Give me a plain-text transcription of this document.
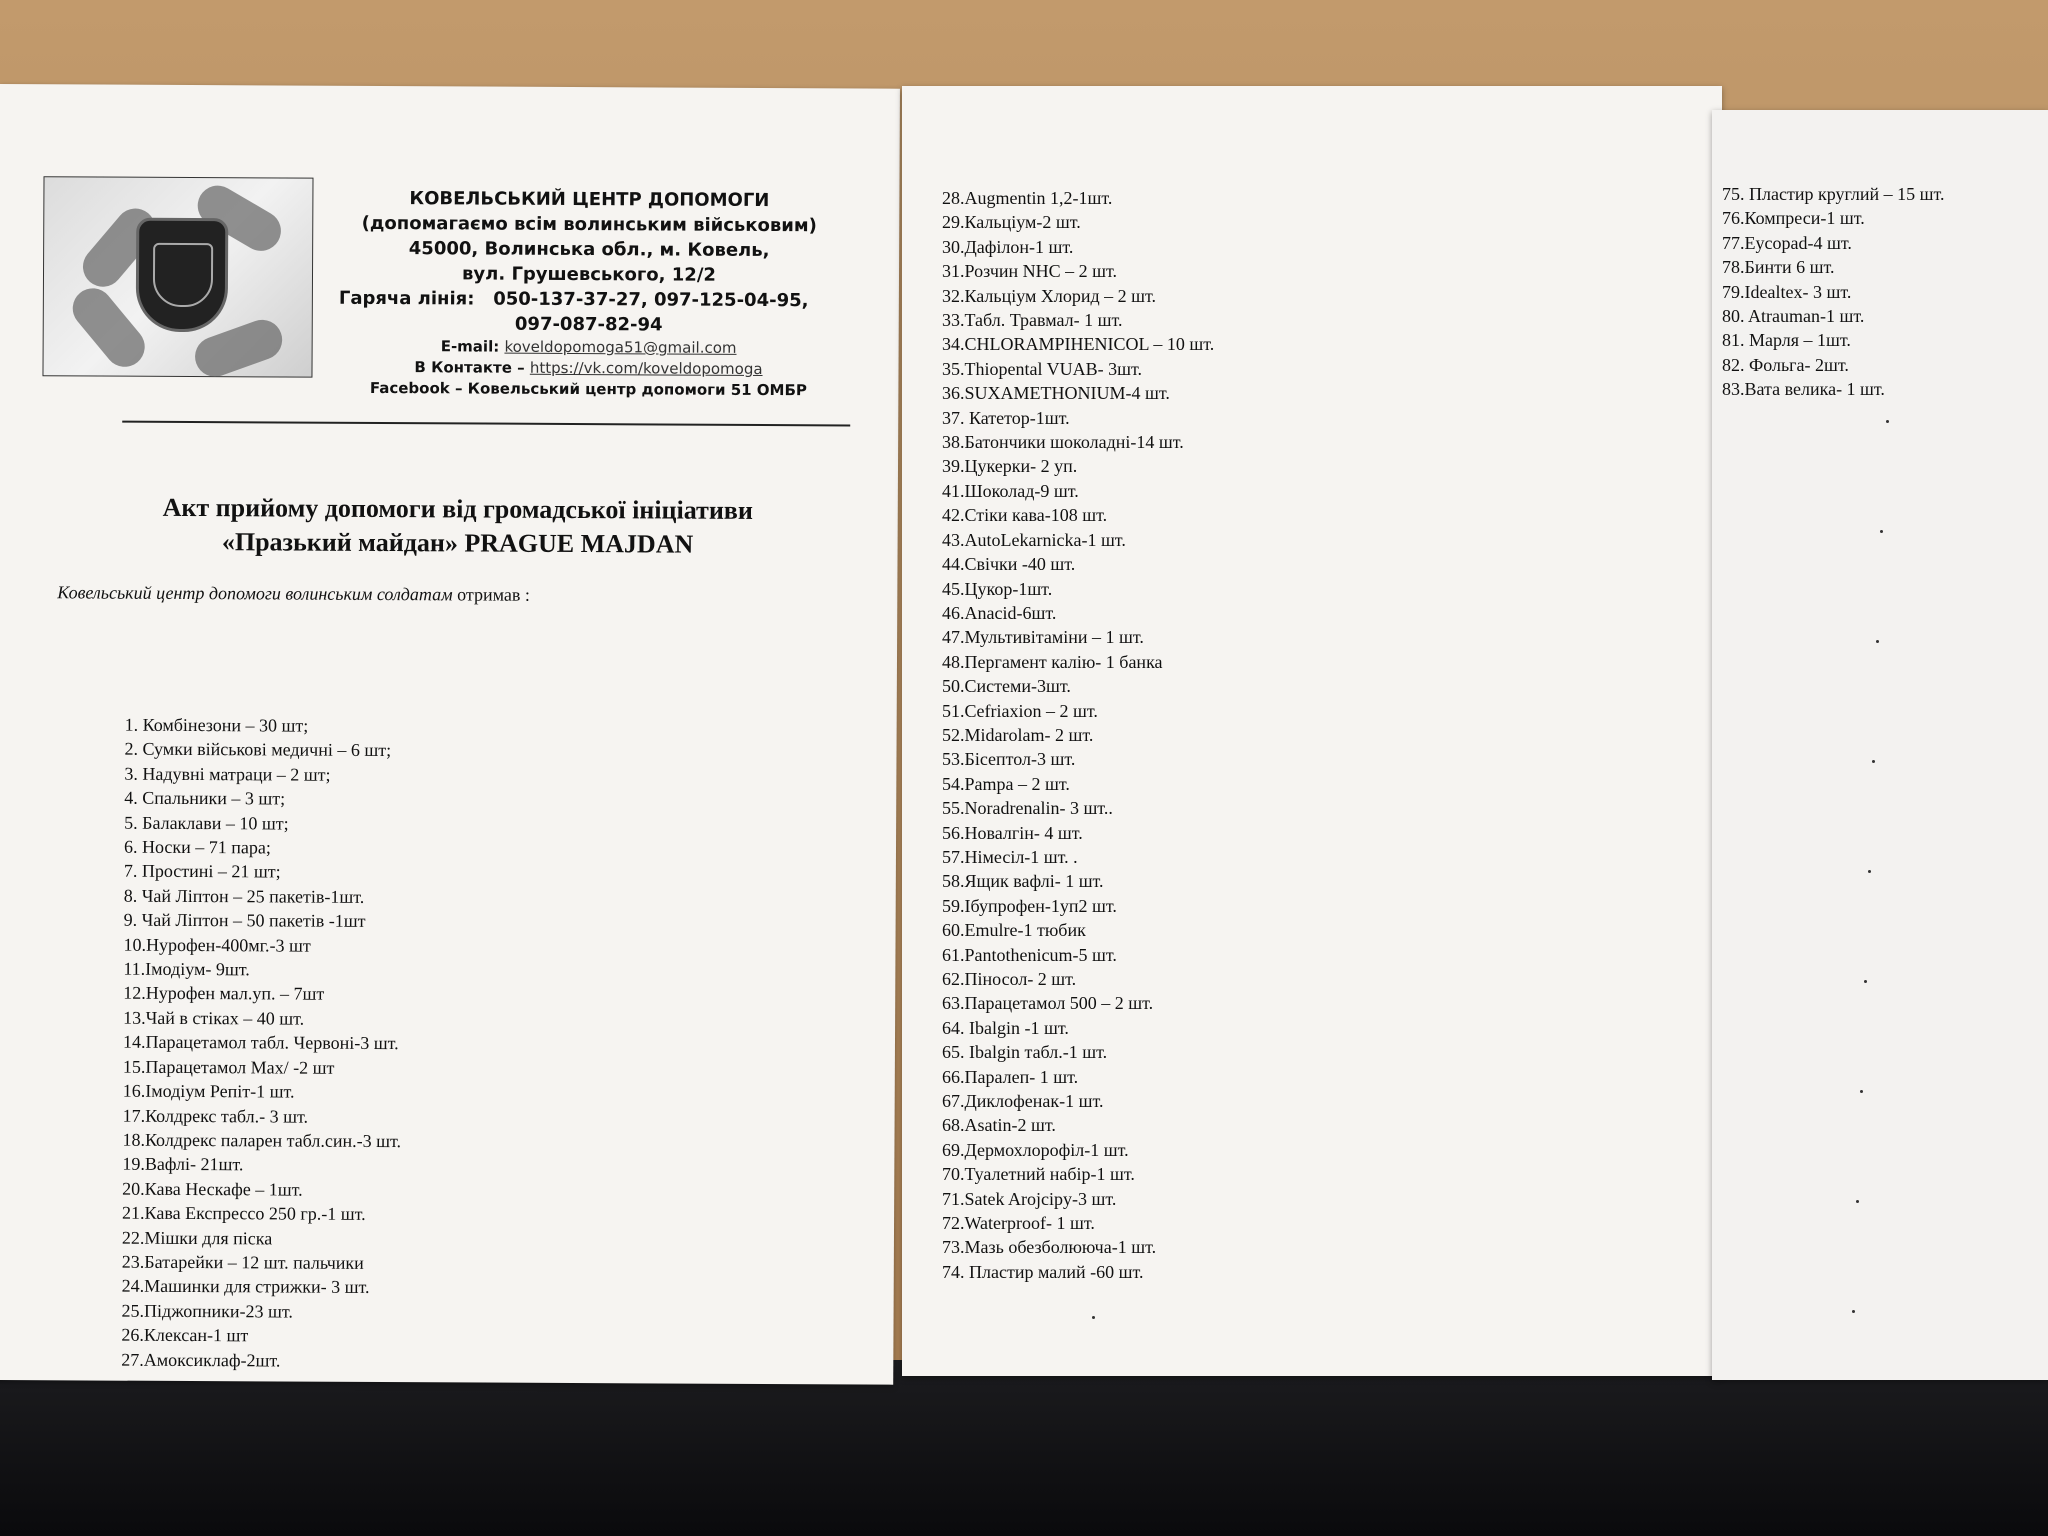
КОВЕЛЬСЬКИЙ ЦЕНТР ДОПОМОГИ
(допомагаємо всім волинським військовим)
45000, Волинська обл., м. Ковель,
вул. Грушевського, 12/2
Гаряча лінія: 050-137-37-27, 097-125-04-95,
097-087-82-94
E-mail: koveldopomoga51@gmail.com
В Контакте – https://vk.com/koveldopomoga
Facebook – Ковельський центр допомоги 51 ОМБР
Акт прийому допомоги від громадської ініціативи
«Празький майдан» PRAGUE MAJDAN
Ковельський центр допомоги волинським солдатам отримав :
1. Комбінезони – 30 шт;
2. Сумки військові медичні – 6 шт;
3. Надувні матраци – 2 шт;
4. Спальники – 3 шт;
5. Балаклави – 10 шт;
6. Носки – 71 пара;
7. Простині – 21 шт;
8. Чай Ліптон – 25 пакетів-1шт.
9. Чай Ліптон – 50 пакетів -1шт
10.Нурофен-400мг.-3 шт
11.Імодіум- 9шт.
12.Нурофен мал.уп. – 7шт
13.Чай в стіках – 40 шт.
14.Парацетамол табл. Червоні-3 шт.
15.Парацетамол Max/ -2 шт
16.Імодіум Репіт-1 шт.
17.Колдрекс табл.- 3 шт.
18.Колдрекс паларен табл.син.-3 шт.
19.Вафлі- 21шт.
20.Кава Нескафе – 1шт.
21.Кава Експрессо 250 гр.-1 шт.
22.Мішки для піска
23.Батарейки – 12 шт. пальчики
24.Машинки для стрижки- 3 шт.
25.Піджопники-23 шт.
26.Клексан-1 шт
27.Амоксиклаф-2шт.
28.Augmentin 1,2-1шт.
29.Кальціум-2 шт.
30.Дафілон-1 шт.
31.Розчин NHC – 2 шт.
32.Кальціум Хлорид – 2 шт.
33.Табл. Травмал- 1 шт.
34.CHLORAMPIHENICOL – 10 шт.
35.Thiopental VUAB- 3шт.
36.SUXAMETHONIUM-4 шт.
37. Катетор-1шт.
38.Батончики шоколадні-14 шт.
39.Цукерки- 2 уп.
41.Шоколад-9 шт.
42.Стіки кава-108 шт.
43.AutoLekarnicka-1 шт.
44.Свічки -40 шт.
45.Цукор-1шт.
46.Anacid-6шт.
47.Мультивітаміни – 1 шт.
48.Пергамент калію- 1 банка
50.Системи-3шт.
51.Cefriaxion – 2 шт.
52.Midarolam- 2 шт.
53.Бісептол-3 шт.
54.Pampa – 2 шт.
55.Noradrenalin- 3 шт..
56.Новалгін- 4 шт.
57.Німесіл-1 шт. .
58.Ящик вафлі- 1 шт.
59.Ібупрофен-1уп2 шт.
60.Emulre-1 тюбик
61.Pantothenicum-5 шт.
62.Піносол- 2 шт.
63.Парацетамол 500 – 2 шт.
64. Ibalgin -1 шт.
65. Ibalgin табл.-1 шт.
66.Паралеп- 1 шт.
67.Диклофенак-1 шт.
68.Asatin-2 шт.
69.Дермохлорофіл-1 шт.
70.Туалетний набір-1 шт.
71.Satek Arojcipy-3 шт.
72.Waterproof- 1 шт.
73.Мазь обезболююча-1 шт.
74. Пластир малий -60 шт.
75. Пластир круглий – 15 шт.
76.Компреси-1 шт.
77.Eycopad-4 шт.
78.Бинти 6 шт.
79.Idealtex- 3 шт.
80. Atrauman-1 шт.
81. Марля – 1шт.
82. Фольга- 2шт.
83.Вата велика- 1 шт.
